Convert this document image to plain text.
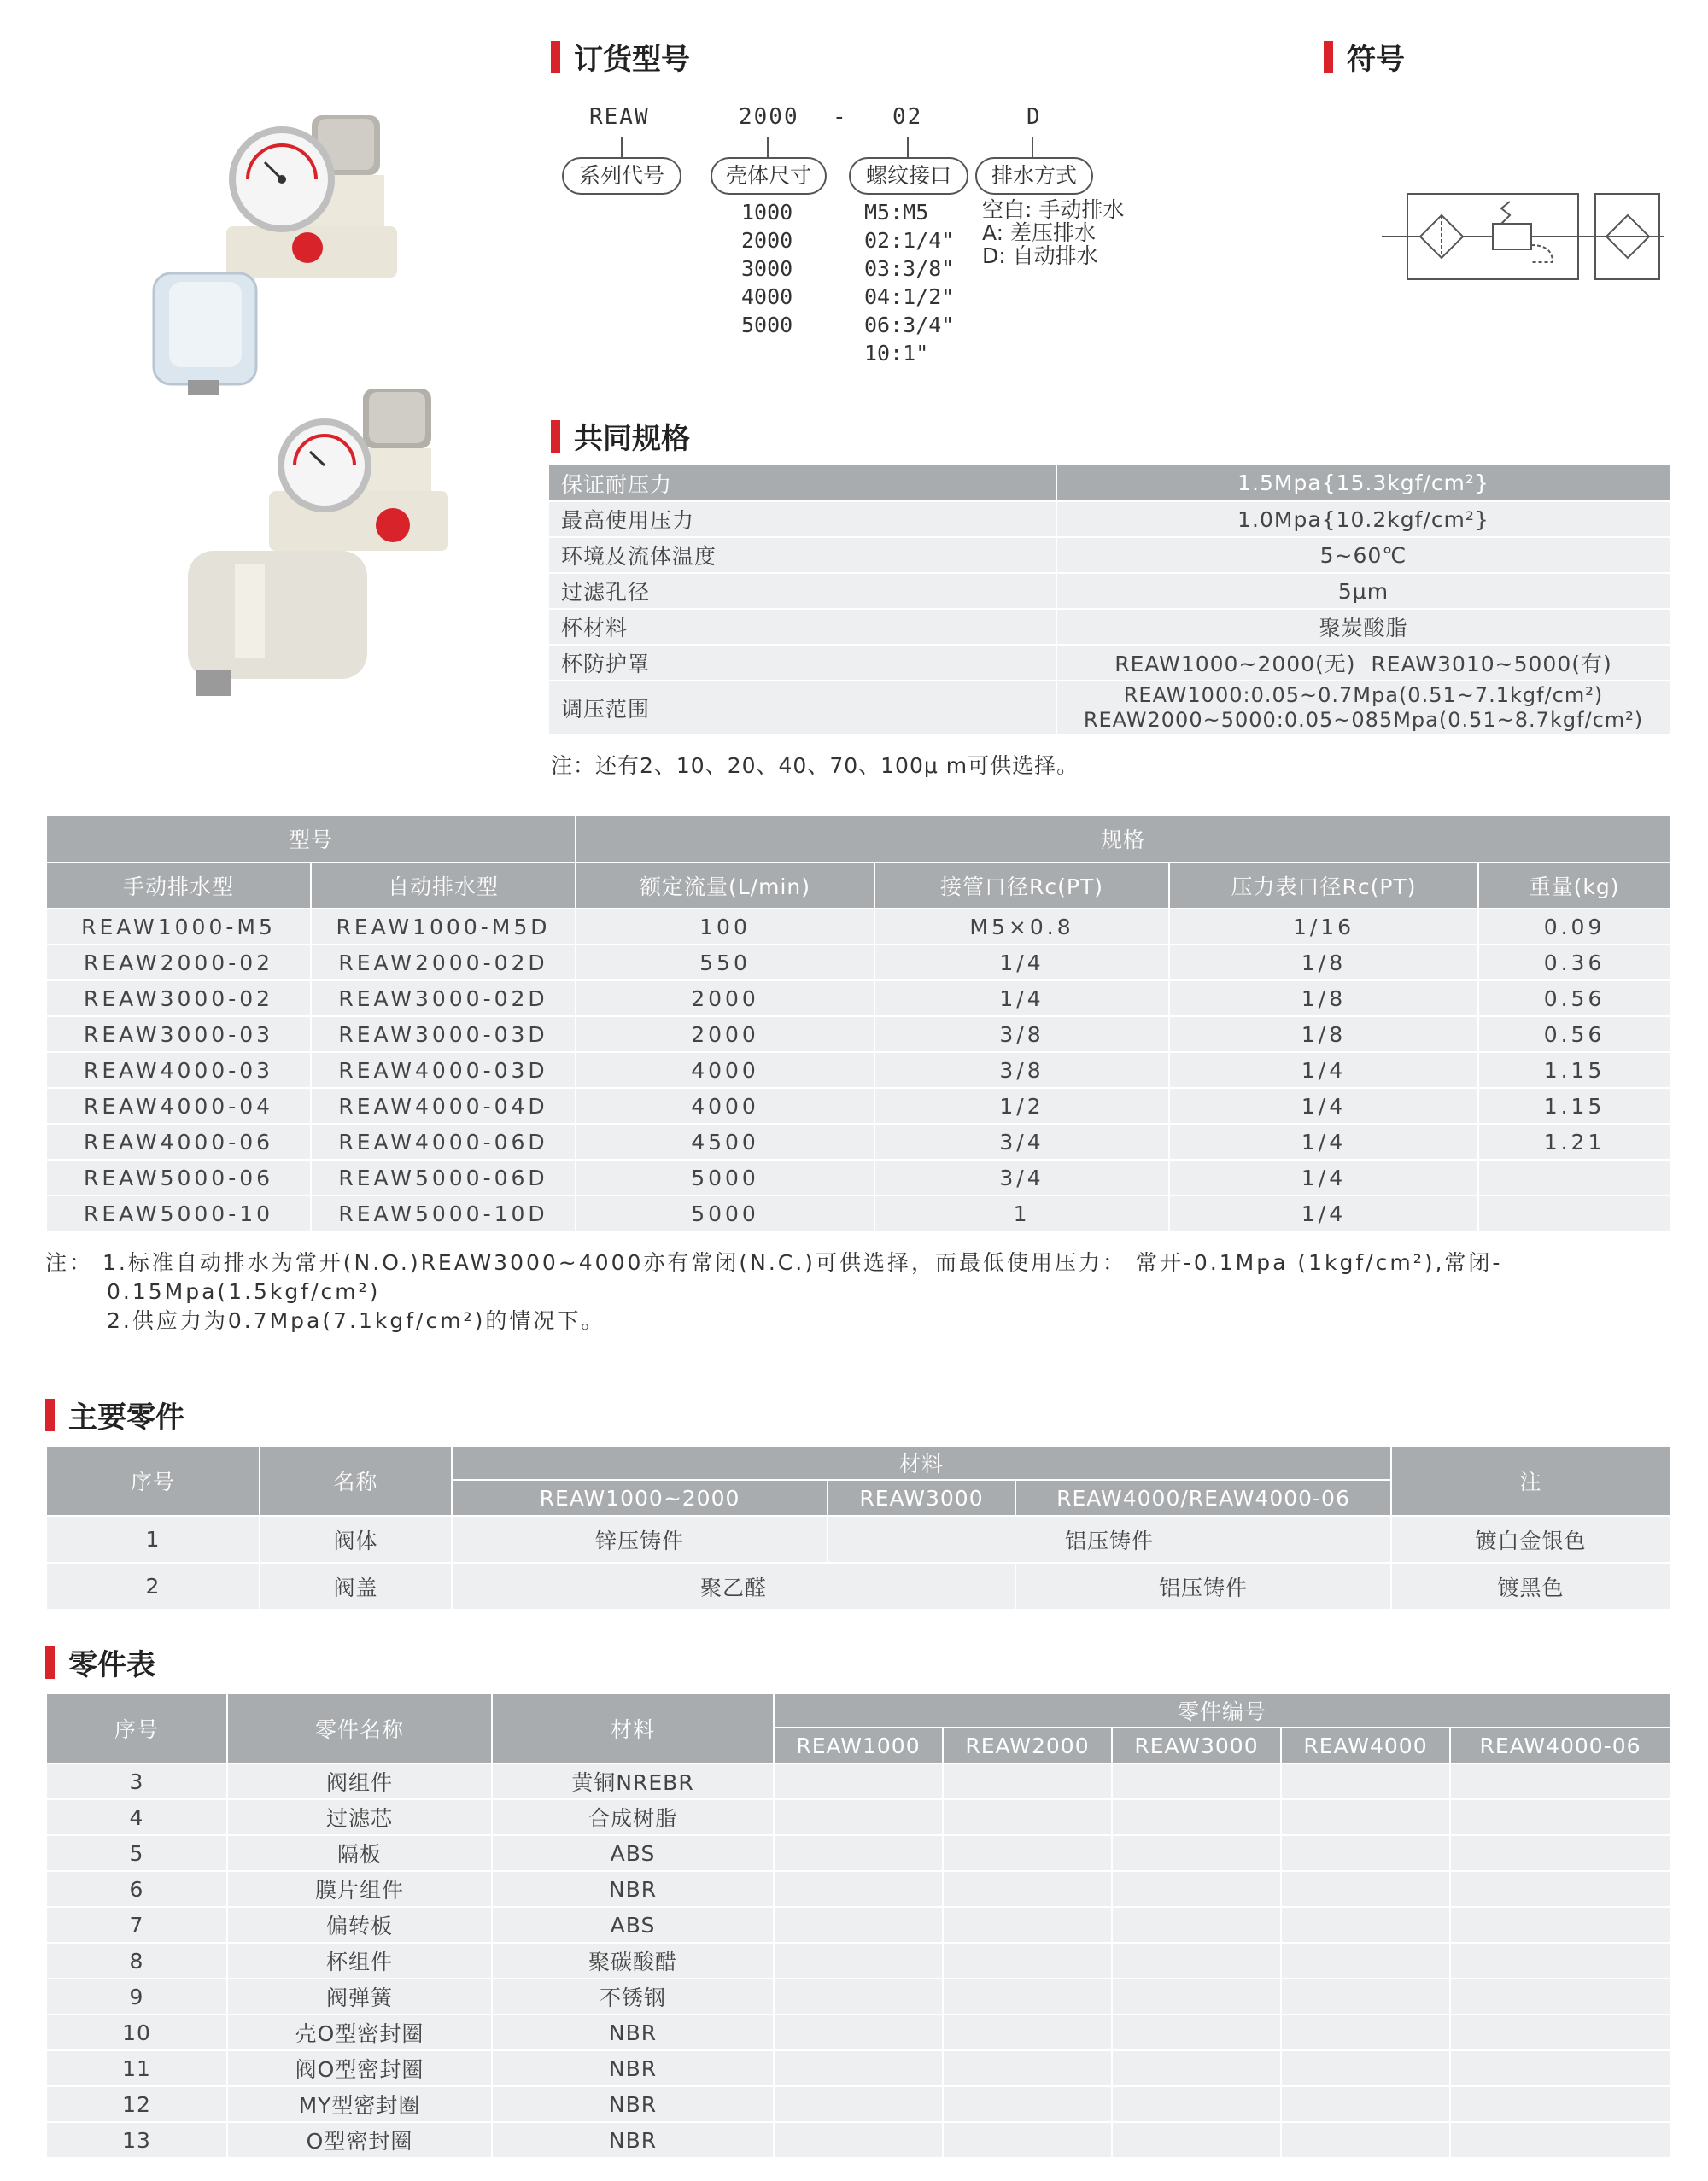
订货型号	符号
REAW	2000 - 02	D
系列代号	壳体尺寸	螺纹接口	排水方式
1000
2000
3000
4000
5000
M5:M5
02:1/4"
03:3/8"
04:1/2"
06:3/4"
10:1"
空白: 手动排水
A: 差压排水
D: 自动排水
共同规格
保证耐压力	1.5Mpa{15.3kgf/cm²}
最高使用压力	1.0Mpa{10.2kgf/cm²}
环境及流体温度	5~60℃
过滤孔径	5μm
杯材料	聚炭酸脂
杯防护罩	REAW1000~2000(无)  REAW3010~5000(有)
调压范围	REAW1000:0.05~0.7Mpa(0.51~7.1kgf/cm²)
REAW2000~5000:0.05~085Mpa(0.51~8.7kgf/cm²)
注：还有2、10、20、40、70、100μ m可供选择。
型号		规格			
手动排水型	自动排水型	额定流量(L/min)	接管口径Rc(PT)	压力表口径Rc(PT)	重量(kg)
REAW1000-M5	REAW1000-M5D	100	M5×0.8	1/16	0.09
REAW2000-02	REAW2000-02D	550	1/4	1/8	0.36
REAW3000-02	REAW3000-02D	2000	1/4	1/8	0.56
REAW3000-03	REAW3000-03D	2000	3/8	1/8	0.56
REAW4000-03	REAW4000-03D	4000	3/8	1/4	1.15
REAW4000-04	REAW4000-04D	4000	1/2	1/4	1.15
REAW4000-06	REAW4000-06D	4500	3/4	1/4	1.21
REAW5000-06	REAW5000-06D	5000	3/4	1/4	
REAW5000-10	REAW5000-10D	5000	1	1/4	
注： 1.标准自动排水为常开(N.O.)REAW3000~4000亦有常闭(N.C.)可供选择，而最低使用压力： 常开-0.1Mpa (1kgf/cm²),常闭-
0.15Mpa(1.5kgf/cm²)
2.供应力为0.7Mpa(7.1kgf/cm²)的情况下。
主要零件
序号	名称	材料			注
		REAW1000~2000	REAW3000	REAW4000/REAW4000-06	
1	阀体	锌压铸件	铝压铸件		镀白金银色
2	阀盖	聚乙醛		铝压铸件	镀黑色
零件表
序号	零件名称	材料	零件编号				
			REAW1000	REAW2000	REAW3000	REAW4000	REAW4000-06
3	阀组件	黄铜NREBR					
4	过滤芯	合成树脂					
5	隔板	ABS					
6	膜片组件	NBR					
7	偏转板	ABS					
8	杯组件	聚碳酸醋					
9	阀弹簧	不锈钢					
10	壳O型密封圈	NBR					
11	阀O型密封圈	NBR					
12	MY型密封圈	NBR					
13	O型密封圈	NBR					
